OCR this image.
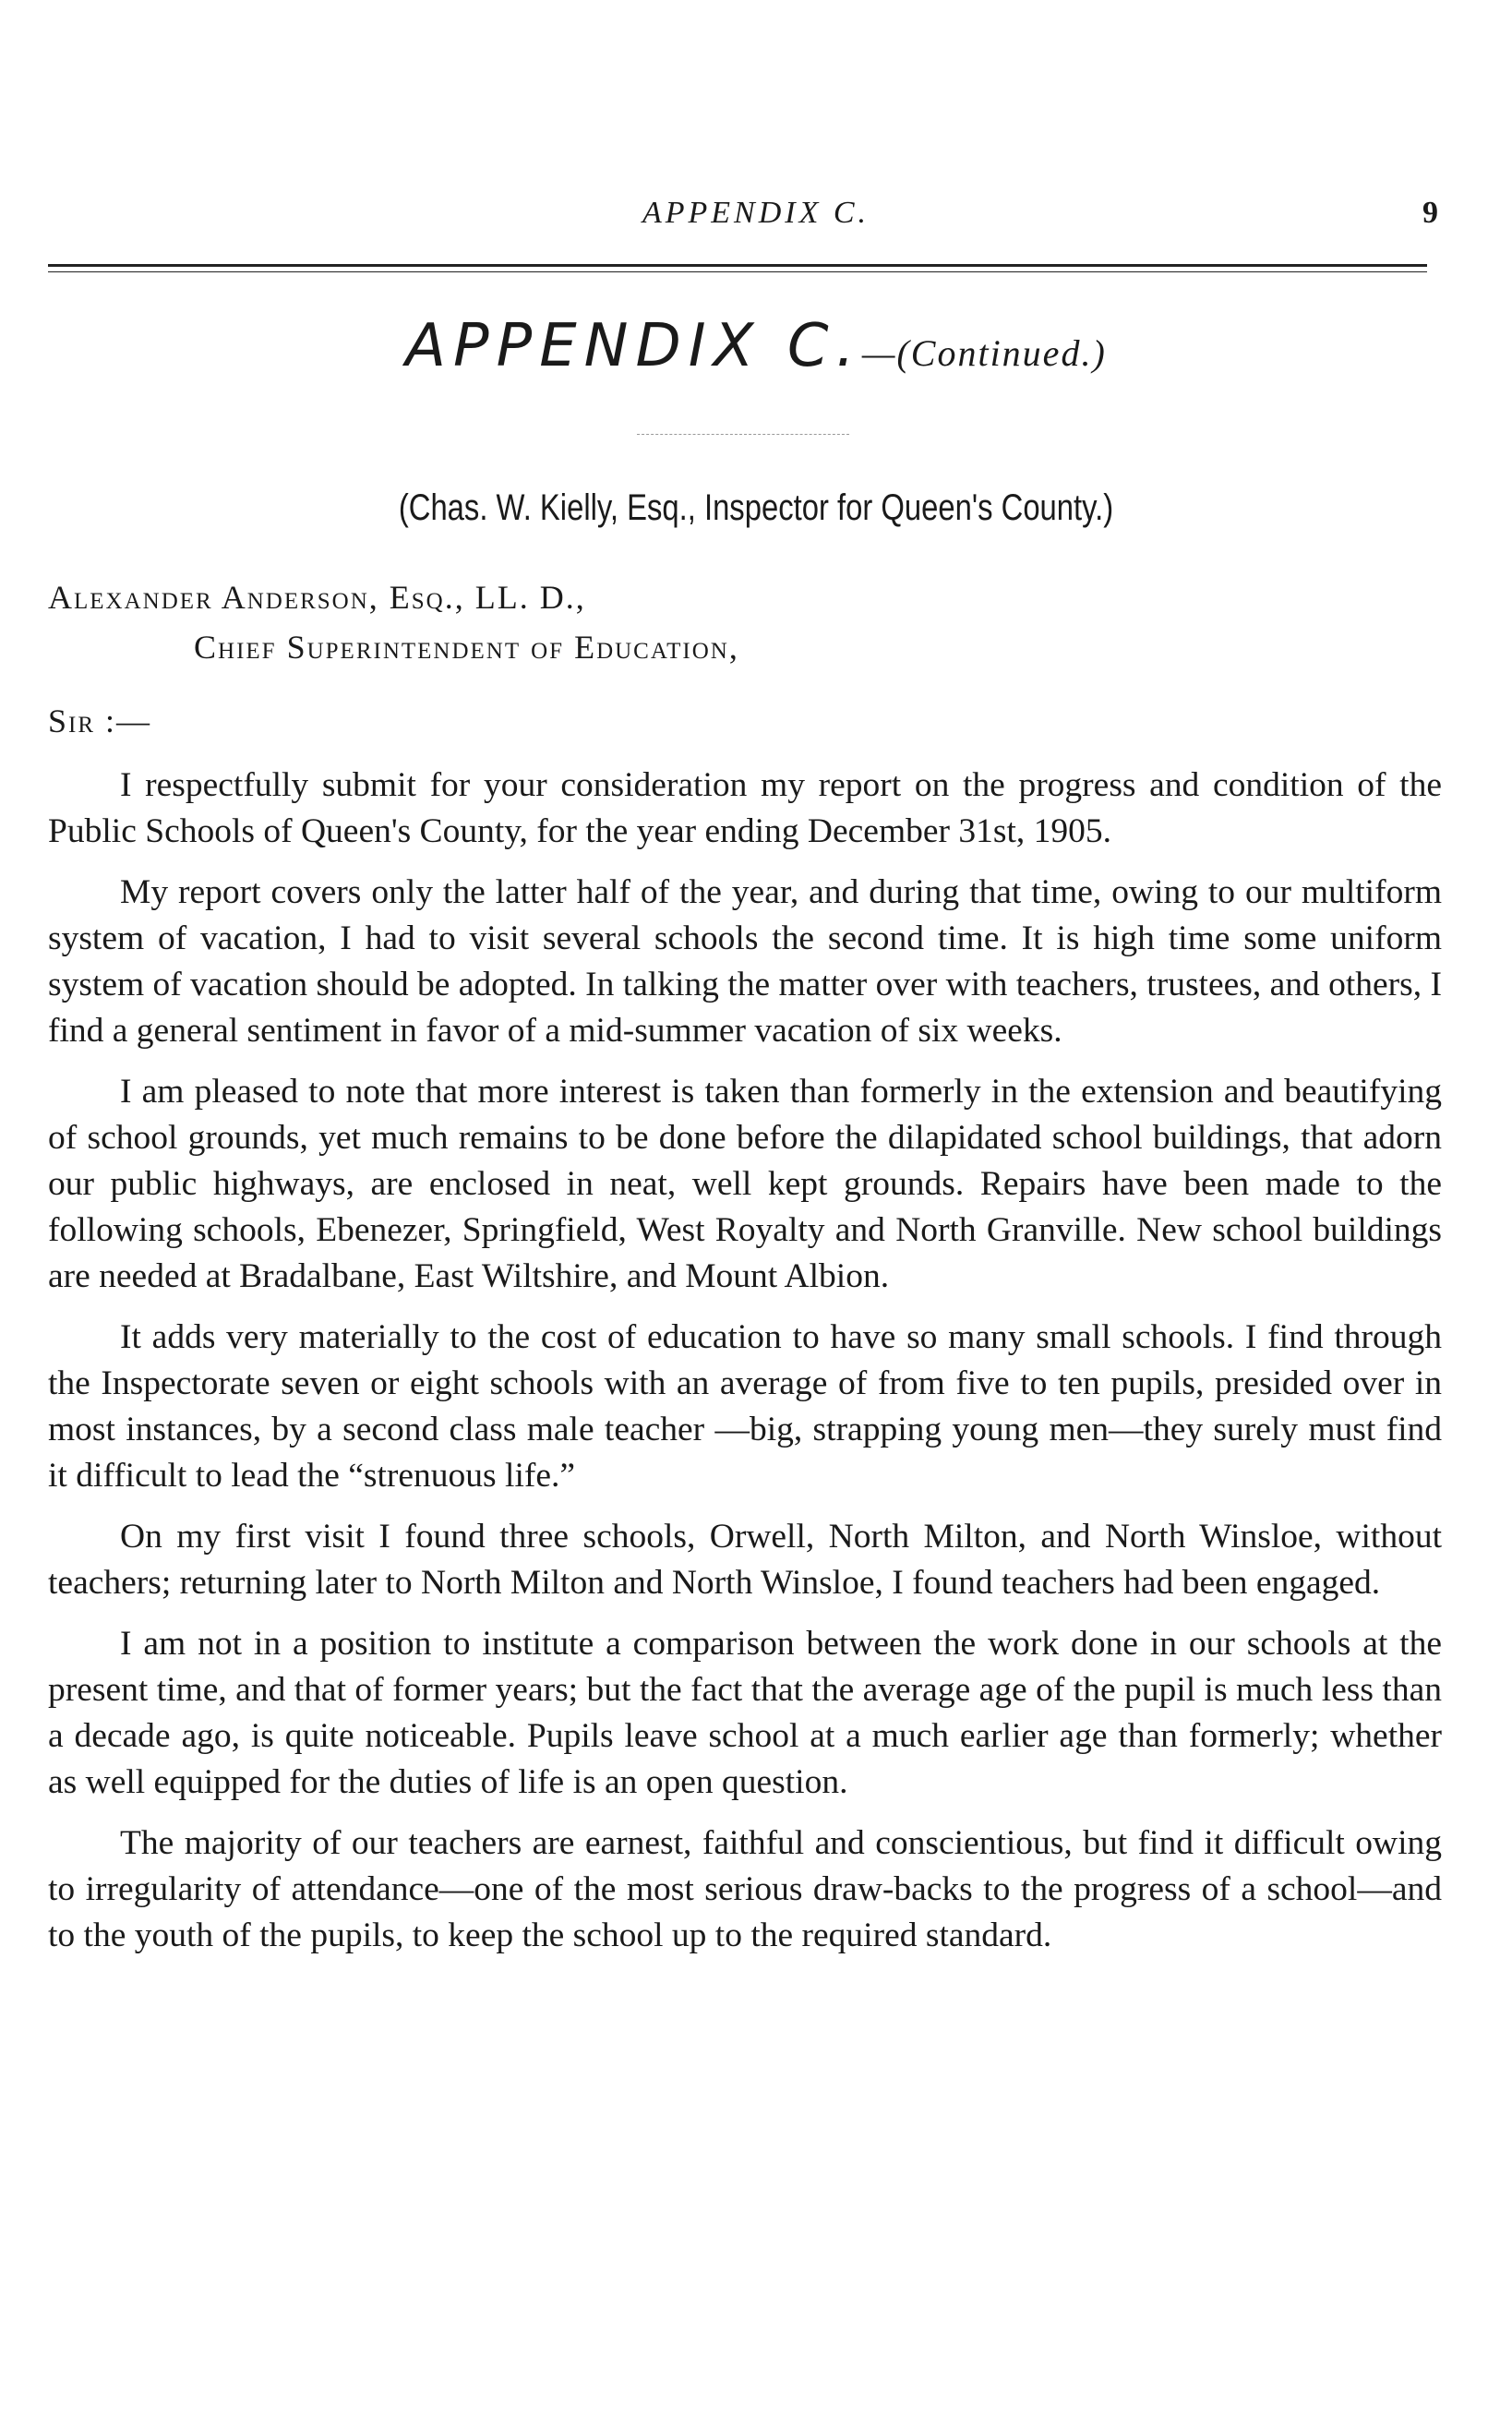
APPENDIX C.	9
APPENDIX C.—(Continued.)
(Chas. W. Kielly, Esq., Inspector for Queen's County.)
Alexander Anderson, Esq., LL. D.,
Chief Superintendent of Education,
Sir :—

I respectfully submit for your consideration my report on the progress and condition of the Public Schools of Queen's County, for the year ending December 31st, 1905.

My report covers only the latter half of the year, and during that time, owing to our multiform system of vacation, I had to visit several schools the second time. It is high time some uniform system of vacation should be adopted. In talking the matter over with teachers, trustees, and others, I find a general sentiment in favor of a mid-summer vacation of six weeks.

I am pleased to note that more interest is taken than formerly in the extension and beautifying of school grounds, yet much remains to be done before the dilapidated school buildings, that adorn our public highways, are enclosed in neat, well kept grounds. Repairs have been made to the following schools, Ebenezer, Springfield, West Royalty and North Granville. New school buildings are needed at Bradalbane, East Wiltshire, and Mount Albion.

It adds very materially to the cost of education to have so many small schools. I find through the Inspectorate seven or eight schools with an average of from five to ten pupils, presided over in most instances, by a second class male teacher —big, strapping young men—they surely must find it difficult to lead the “strenuous life.”

On my first visit I found three schools, Orwell, North Milton, and North Winsloe, without teachers; returning later to North Milton and North Winsloe, I found teachers had been engaged.

I am not in a position to institute a comparison between the work done in our schools at the present time, and that of former years; but the fact that the average age of the pupil is much less than a decade ago, is quite noticeable. Pupils leave school at a much earlier age than formerly; whether as well equipped for the duties of life is an open question.

The majority of our teachers are earnest, faithful and conscientious, but find it difficult owing to irregularity of attendance—one of the most serious draw-backs to the progress of a school—and to the youth of the pupils, to keep the school up to the required standard.
